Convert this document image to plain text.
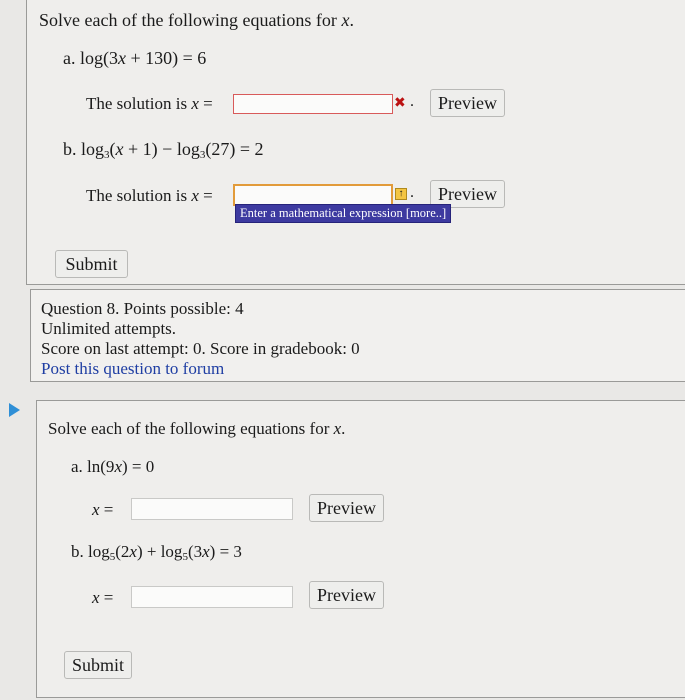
Solve each of the following equations for x.
a. log(3x + 130) = 6
The solution is x =	✖ .	Preview
b. $\log_3(x + 1) - \log_3(27) = 2$
The solution is x =	↑ .	Preview
Enter a mathematical expression [more..]
Submit
Question 8. Points possible: 4
Unlimited attempts.
Score on last attempt: 0. Score in gradebook: 0
Post this question to forum
Solve each of the following equations for x.
a. ln(9x) = 0
x =	Preview
b. $\log_5(2x) + \log_5(3x) = 3$
x =	Preview
Submit
